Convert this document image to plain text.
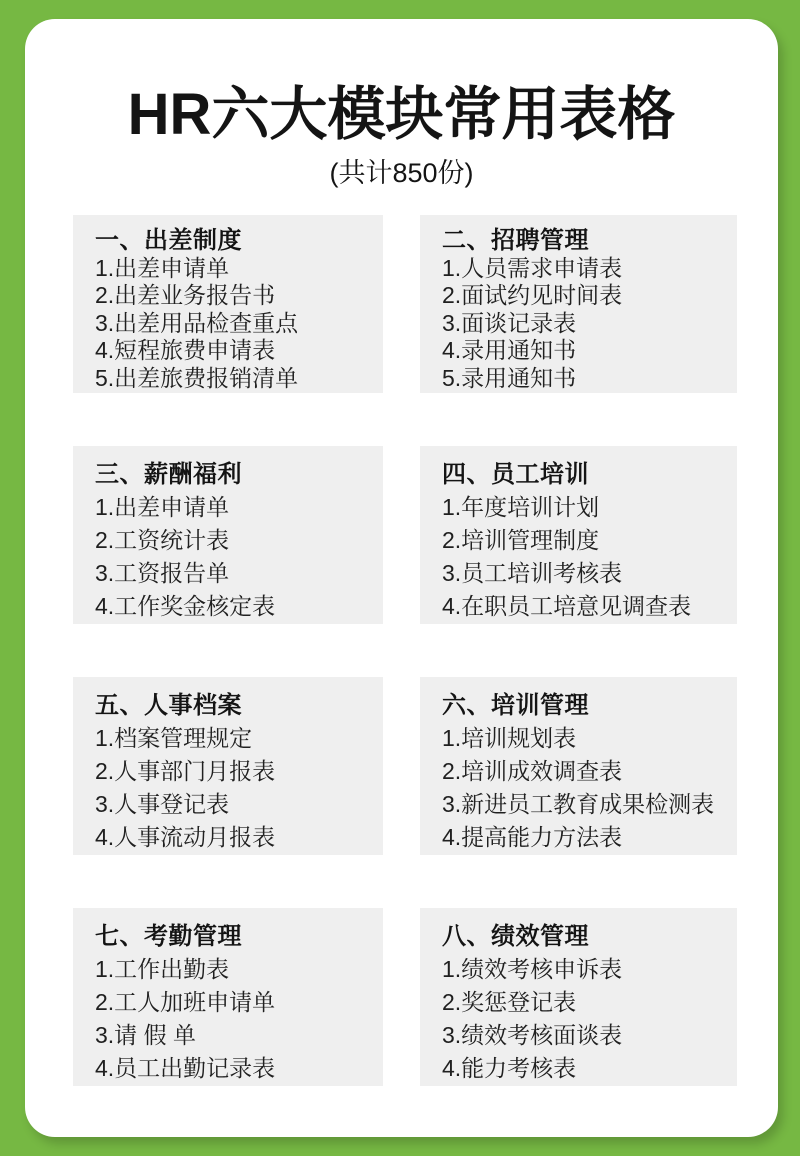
HR六大模块常用表格
(共计850份)
一、出差制度
1.出差申请单
2.出差业务报告书
3.出差用品检查重点
4.短程旅费申请表
5.出差旅费报销清单
二、招聘管理
1.人员需求申请表
2.面试约见时间表
3.面谈记录表
4.录用通知书
5.录用通知书
三、薪酬福利
1.出差申请单
2.工资统计表
3.工资报告单
4.工作奖金核定表
四、员工培训
1.年度培训计划
2.培训管理制度
3.员工培训考核表
4.在职员工培意见调查表
五、人事档案
1.档案管理规定
2.人事部门月报表
3.人事登记表
4.人事流动月报表
六、培训管理
1.培训规划表
2.培训成效调查表
3.新进员工教育成果检测表
4.提高能力方法表
七、考勤管理
1.工作出勤表
2.工人加班申请单
3.请 假 单
4.员工出勤记录表
八、绩效管理
1.绩效考核申诉表
2.奖惩登记表
3.绩效考核面谈表
4.能力考核表
